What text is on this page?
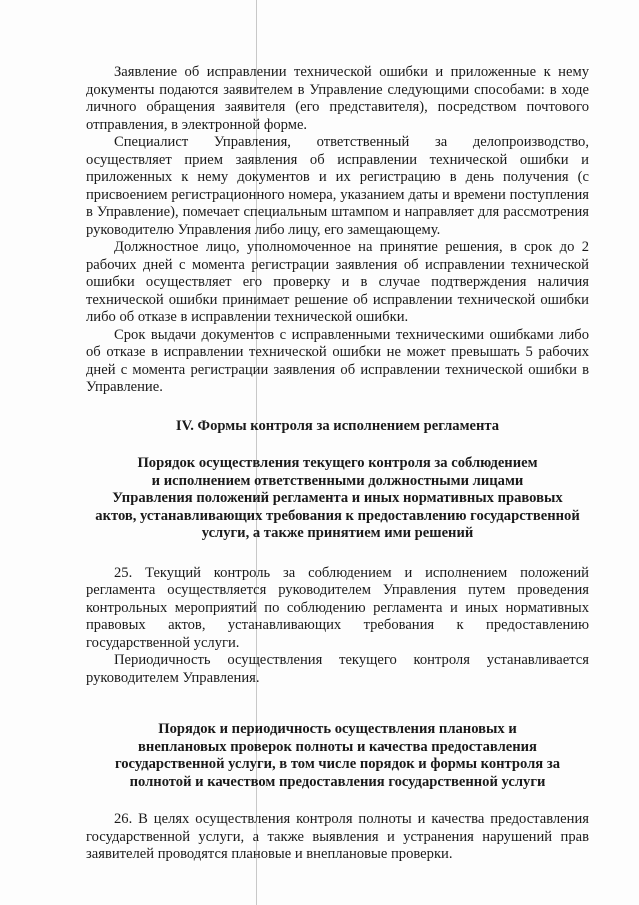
Заявление об исправлении технической ошибки и приложенные к нему документы подаются заявителем в Управление следующими способами: в ходе личного обращения заявителя (его представителя), посредством почтового отправления, в электронной форме.

Специалист Управления, ответственный за делопроизводство, осуществляет прием заявления об исправлении технической ошибки и приложенных к нему документов и их регистрацию в день получения (с присвоением регистрационного номера, указанием даты и времени поступления в Управление), помечает специальным штампом и направляет для рассмотрения руководителю Управления либо лицу, его замещающему.

Должностное лицо, уполномоченное на принятие решения, в срок до 2 рабочих дней с момента регистрации заявления об исправлении технической ошибки осуществляет его проверку и в случае подтверждения наличия технической ошибки принимает решение об исправлении технической ошибки либо об отказе в исправлении технической ошибки.

Срок выдачи документов с исправленными техническими ошибками либо об отказе в исправлении технической ошибки не может превышать 5 рабочих дней с момента регистрации заявления об исправлении технической ошибки в Управление.

IV. Формы контроля за исполнением регламента
Порядок осуществления текущего контроля за соблюдением
и исполнением ответственными должностными лицами
Управления положений регламента и иных нормативных правовых
актов, устанавливающих требования к предоставлению государственной
услуги, а также принятием ими решений

25. Текущий контроль за соблюдением и исполнением положений регламента осуществляется руководителем Управления путем проведения контрольных мероприятий по соблюдению регламента и иных нормативных правовых актов, устанавливающих требования к предоставлению государственной услуги.

Периодичность осуществления текущего контроля устанавливается руководителем Управления.

Порядок и периодичность осуществления плановых и
внеплановых проверок полноты и качества предоставления
государственной услуги, в том числе порядок и формы контроля за
полнотой и качеством предоставления государственной услуги

26. В целях осуществления контроля полноты и качества предоставления государственной услуги, а также выявления и устранения нарушений прав заявителей проводятся плановые и внеплановые проверки.
